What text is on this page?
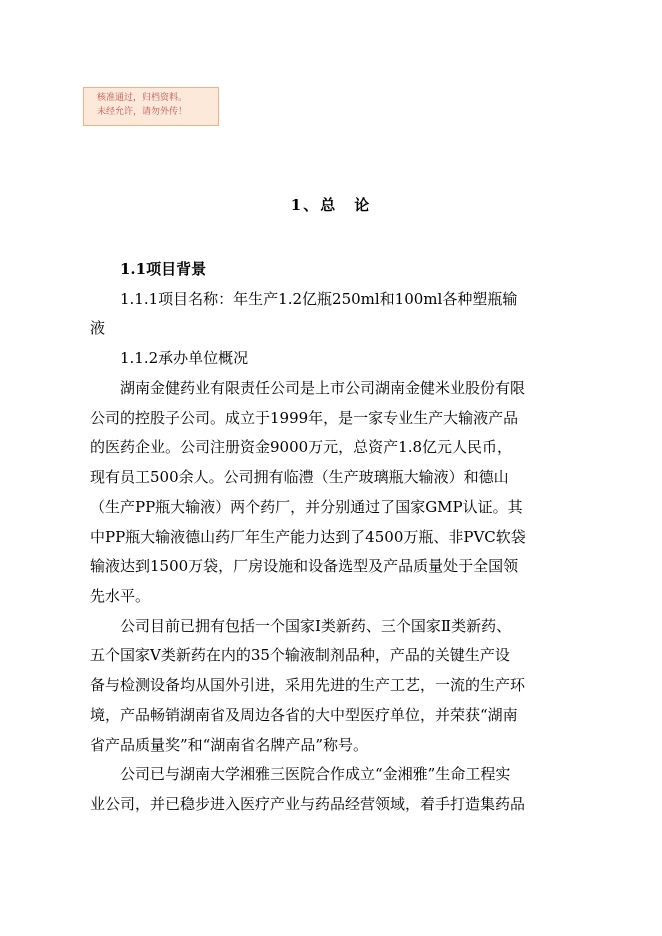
核准通过，归档资料。
未经允许，请勿外传！
1、总　论
1.1项目背景
1.1.1项目名称：年生产1.2亿瓶250ml和100ml各种塑瓶输
液
1.1.2承办单位概况
湖南金健药业有限责任公司是上市公司湖南金健米业股份有限
公司的控股子公司。成立于1999年，是一家专业生产大输液产品
的医药企业。公司注册资金9000万元，总资产1.8亿元人民币，
现有员工500余人。公司拥有临澧（生产玻璃瓶大输液）和德山
（生产PP瓶大输液）两个药厂，并分别通过了国家GMP认证。其
中PP瓶大输液德山药厂年生产能力达到了4500万瓶、非PVC软袋
输液达到1500万袋，厂房设施和设备选型及产品质量处于全国领
先水平。
公司目前已拥有包括一个国家Ⅰ类新药、三个国家Ⅱ类新药、
五个国家Ⅴ类新药在内的35个输液制剂品种，产品的关键生产设
备与检测设备均从国外引进，采用先进的生产工艺，一流的生产环
境，产品畅销湖南省及周边各省的大中型医疗单位，并荣获“湖南
省产品质量奖”和“湖南省名牌产品”称号。
公司已与湖南大学湘雅三医院合作成立“金湘雅”生命工程实
业公司，并已稳步进入医疗产业与药品经营领域，着手打造集药品
